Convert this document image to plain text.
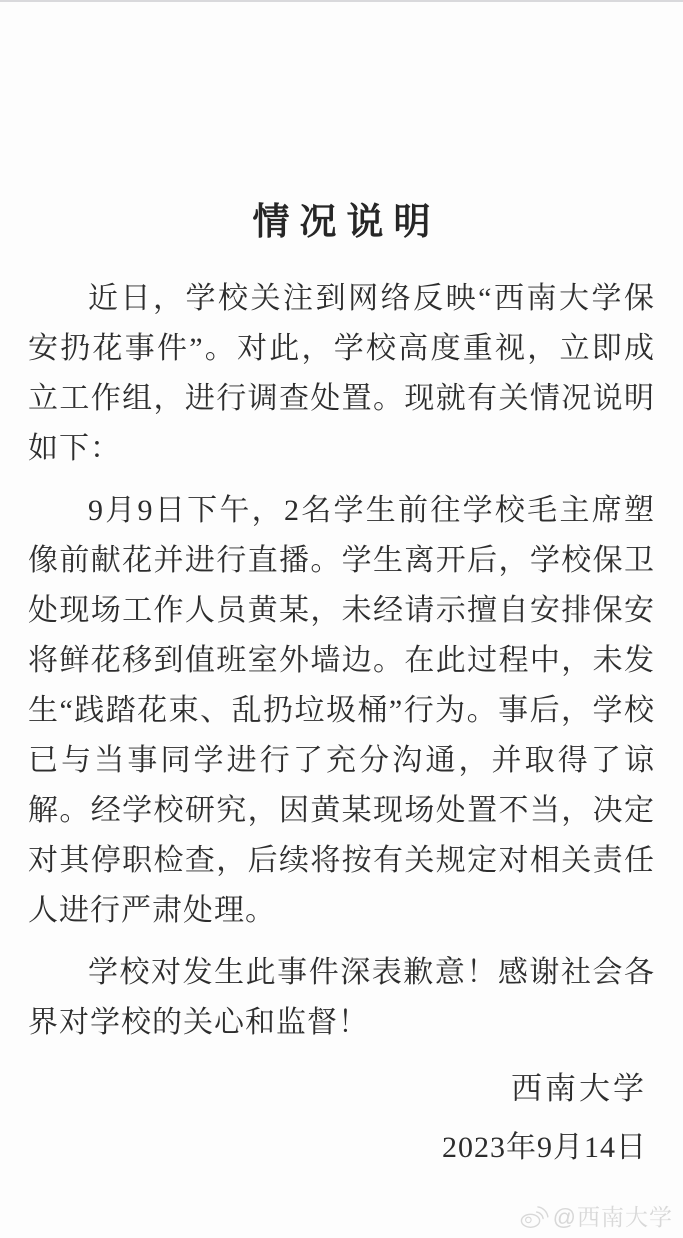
情况说明

近日，学校关注到网络反映“西南大学保安扔花事件”。对此，学校高度重视，立即成立工作组，进行调查处置。现就有关情况说明如下：

9月9日下午，2名学生前往学校毛主席塑像前献花并进行直播。学生离开后，学校保卫处现场工作人员黄某，未经请示擅自安排保安将鲜花移到值班室外墙边。在此过程中，未发生“践踏花束、乱扔垃圾桶”行为。事后，学校已与当事同学进行了充分沟通，并取得了谅解。经学校研究，因黄某现场处置不当，决定对其停职检查，后续将按有关规定对相关责任人进行严肃处理。

学校对发生此事件深表歉意！感谢社会各界对学校的关心和监督！

西南大学
2023年9月14日
@西南大学
